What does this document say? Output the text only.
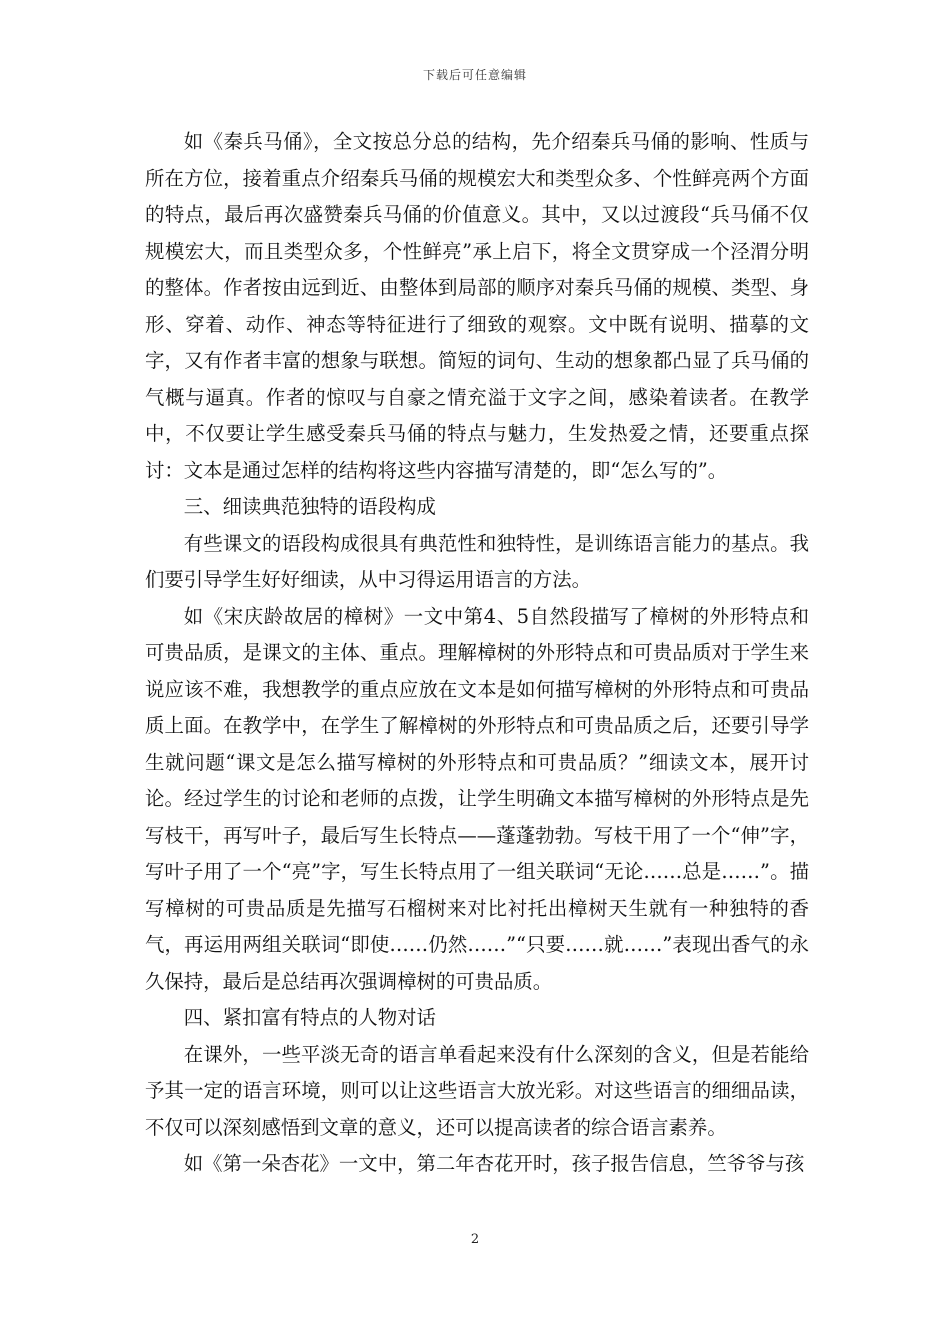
下载后可任意编辑

如《秦兵马俑》，全文按总分总的结构，先介绍秦兵马俑的影响、性质与所在方位，接着重点介绍秦兵马俑的规模宏大和类型众多、个性鲜亮两个方面的特点，最后再次盛赞秦兵马俑的价值意义。其中，又以过渡段“兵马俑不仅规模宏大，而且类型众多，个性鲜亮”承上启下，将全文贯穿成一个泾渭分明的整体。作者按由远到近、由整体到局部的顺序对秦兵马俑的规模、类型、身形、穿着、动作、神态等特征进行了细致的观察。文中既有说明、描摹的文字，又有作者丰富的想象与联想。简短的词句、生动的想象都凸显了兵马俑的气概与逼真。作者的惊叹与自豪之情充溢于文字之间，感染着读者。在教学中，不仅要让学生感受秦兵马俑的特点与魅力，生发热爱之情，还要重点探讨：文本是通过怎样的结构将这些内容描写清楚的，即“怎么写的”。

三、细读典范独特的语段构成

有些课文的语段构成很具有典范性和独特性，是训练语言能力的基点。我们要引导学生好好细读，从中习得运用语言的方法。

如《宋庆龄故居的樟树》一文中第4、5自然段描写了樟树的外形特点和可贵品质，是课文的主体、重点。理解樟树的外形特点和可贵品质对于学生来说应该不难，我想教学的重点应放在文本是如何描写樟树的外形特点和可贵品质上面。在教学中，在学生了解樟树的外形特点和可贵品质之后，还要引导学生就问题“课文是怎么描写樟树的外形特点和可贵品质？”细读文本，展开讨论。经过学生的讨论和老师的点拨，让学生明确文本描写樟树的外形特点是先写枝干，再写叶子，最后写生长特点——蓬蓬勃勃。写枝干用了一个“伸”字，写叶子用了一个“亮”字，写生长特点用了一组关联词“无论……总是……”。描写樟树的可贵品质是先描写石榴树来对比衬托出樟树天生就有一种独特的香气，再运用两组关联词“即使……仍然……”“只要……就……”表现出香气的永久保持，最后是总结再次强调樟树的可贵品质。

四、紧扣富有特点的人物对话

在课外，一些平淡无奇的语言单看起来没有什么深刻的含义，但是若能给予其一定的语言环境，则可以让这些语言大放光彩。对这些语言的细细品读，不仅可以深刻感悟到文章的意义，还可以提高读者的综合语言素养。

如《第一朵杏花》一文中，第二年杏花开时，孩子报告信息，竺爷爷与孩

2
